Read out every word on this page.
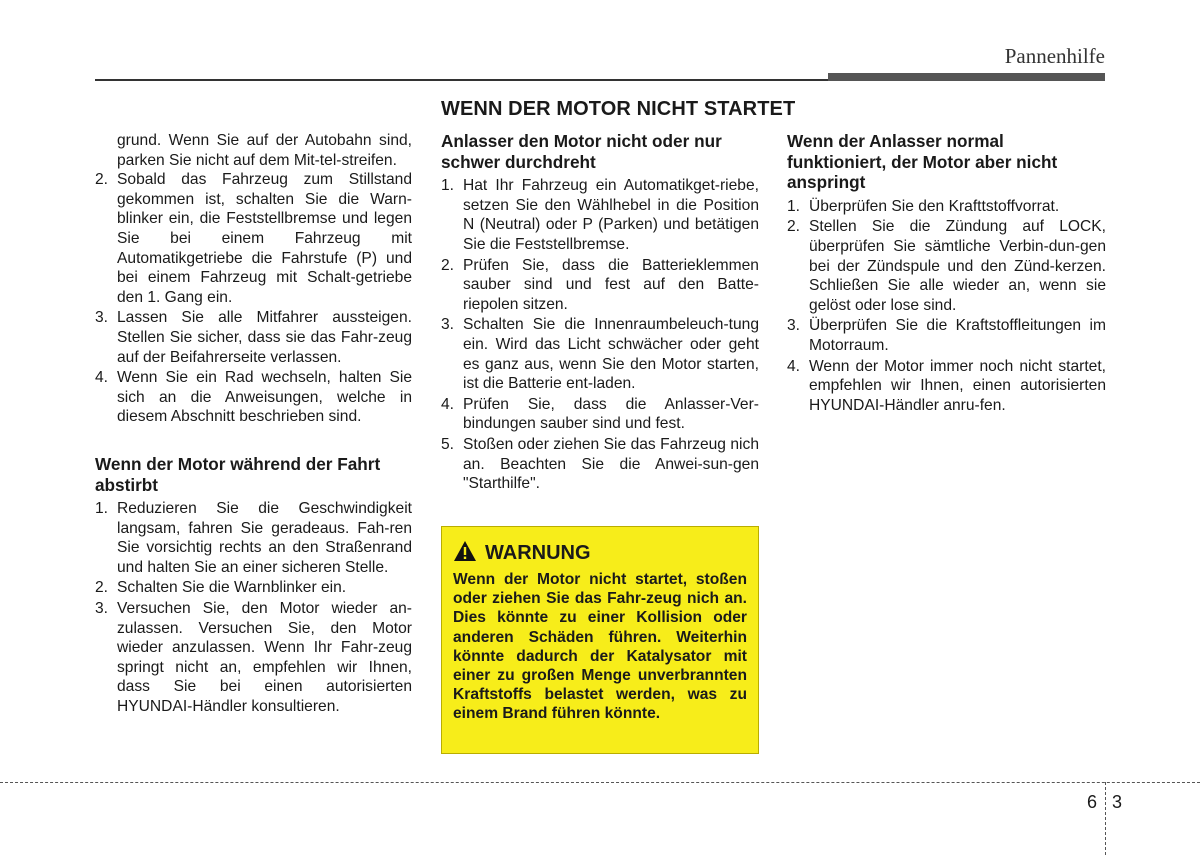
Pannenhilfe
WENN DER MOTOR NICHT STARTET

grund. Wenn Sie auf der Autobahn sind, parken Sie nicht auf dem Mit-tel-streifen.

2. Sobald das Fahrzeug zum Stillstand gekommen ist, schalten Sie die Warn-blinker ein, die Feststellbremse und legen Sie bei einem Fahrzeug mit Automatikgetriebe die Fahrstufe (P) und bei einem Fahrzeug mit Schalt-getriebe den 1. Gang ein.
3. Lassen Sie alle Mitfahrer aussteigen. Stellen Sie sicher, dass sie das Fahr-zeug auf der Beifahrerseite verlassen.
4. Wenn Sie ein Rad wechseln, halten Sie sich an die Anweisungen, welche in diesem Abschnitt beschrieben sind.
Wenn der Motor während der Fahrt abstirbt
1. Reduzieren Sie die Geschwindigkeit langsam, fahren Sie geradeaus. Fah-ren Sie vorsichtig rechts an den Straßenrand und halten Sie an einer sicheren Stelle.
2. Schalten Sie die Warnblinker ein.
3. Versuchen Sie, den Motor wieder an-zulassen. Versuchen Sie, den Motor wieder anzulassen. Wenn Ihr Fahr-zeug springt nicht an, empfehlen wir Ihnen, dass Sie bei einen autorisierten HYUNDAI-Händler konsultieren.
Anlasser den Motor nicht oder nur schwer durchdreht
1. Hat Ihr Fahrzeug ein Automatikget-riebe, setzen Sie den Wählhebel in die Position N (Neutral) oder P (Parken) und betätigen Sie die Feststellbremse.
2. Prüfen Sie, dass die Batterieklemmen sauber sind und fest auf den Batte-riepolen sitzen.
3. Schalten Sie die Innenraumbeleuch-tung ein. Wird das Licht schwächer oder geht es ganz aus, wenn Sie den Motor starten, ist die Batterie ent-laden.
4. Prüfen Sie, dass die Anlasser-Ver-bindungen sauber sind und fest.
5. Stoßen oder ziehen Sie das Fahrzeug nich an. Beachten Sie die Anwei-sun-gen "Starthilfe".
WARNUNG
Wenn der Motor nicht startet, stoßen oder ziehen Sie das Fahr-zeug nich an. Dies könnte zu einer Kollision oder anderen Schäden führen. Weiterhin könnte dadurch der Katalysator mit einer zu großen Menge unverbrannten Kraftstoffs belastet werden, was zu einem Brand führen könnte.
Wenn der Anlasser normal funktioniert, der Motor aber nicht anspringt
1. Überprüfen Sie den Krafttstoffvorrat.
2. Stellen Sie die Zündung auf LOCK, überprüfen Sie sämtliche Verbin-dun-gen bei der Zündspule und den Zünd-kerzen. Schließen Sie alle wieder an, wenn sie gelöst oder lose sind.
3. Überprüfen Sie die Kraftstoffleitungen im Motorraum.
4. Wenn der Motor immer noch nicht startet, empfehlen wir Ihnen, einen autorisierten HYUNDAI-Händler anru-fen.
6 3
